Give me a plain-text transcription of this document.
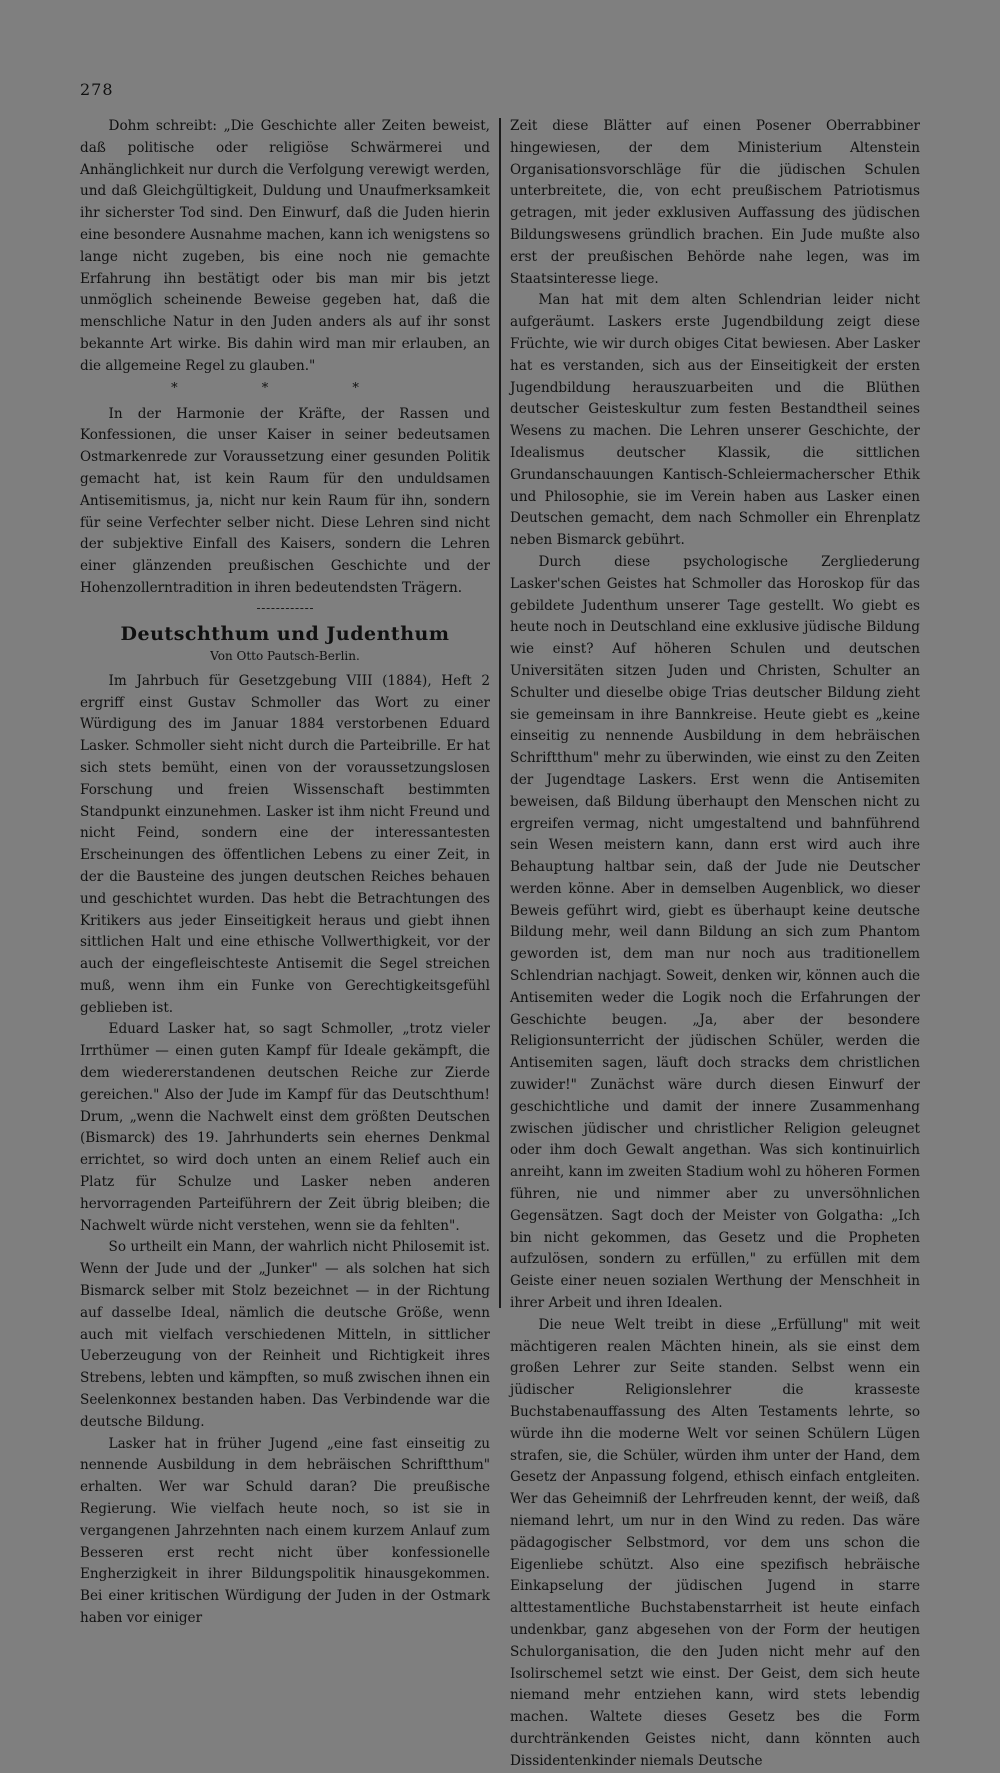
278

Dohm schreibt: „Die Geschichte aller Zeiten beweist, daß politische oder religiöse Schwärmerei und Anhänglichkeit nur durch die Verfolgung verewigt werden, und daß Gleichgültigkeit, Duldung und Unaufmerksamkeit ihr sicherster Tod sind. Den Einwurf, daß die Juden hierin eine besondere Ausnahme machen, kann ich wenigstens so lange nicht zugeben, bis eine noch nie gemachte Erfahrung ihn bestätigt oder bis man mir bis jetzt unmöglich scheinende Beweise gegeben hat, daß die menschliche Natur in den Juden anders als auf ihr sonst bekannte Art wirke. Bis dahin wird man mir erlauben, an die allgemeine Regel zu glauben."

* * *

In der Harmonie der Kräfte, der Rassen und Konfessionen, die unser Kaiser in seiner bedeutsamen Ostmarkenrede zur Voraussetzung einer gesunden Politik gemacht hat, ist kein Raum für den unduldsamen Antisemitismus, ja, nicht nur kein Raum für ihn, sondern für seine Verfechter selber nicht. Diese Lehren sind nicht der subjektive Einfall des Kaisers, sondern die Lehren einer glänzenden preußischen Geschichte und der Hohenzollerntradition in ihren bedeutendsten Trägern.

Deutschthum und Judenthum
Von Otto Pautsch-Berlin.

Im Jahrbuch für Gesetzgebung VIII (1884), Heft 2 ergriff einst Gustav Schmoller das Wort zu einer Würdigung des im Januar 1884 verstorbenen Eduard Lasker. Schmoller sieht nicht durch die Parteibrille. Er hat sich stets bemüht, einen von der voraussetzungslosen Forschung und freien Wissenschaft bestimmten Standpunkt einzunehmen. Lasker ist ihm nicht Freund und nicht Feind, sondern eine der interessantesten Erscheinungen des öffentlichen Lebens zu einer Zeit, in der die Bausteine des jungen deutschen Reiches behauen und geschichtet wurden. Das hebt die Betrachtungen des Kritikers aus jeder Einseitigkeit heraus und giebt ihnen sittlichen Halt und eine ethische Vollwerthigkeit, vor der auch der eingefleischteste Antisemit die Segel streichen muß, wenn ihm ein Funke von Gerechtigkeitsgefühl geblieben ist.

Eduard Lasker hat, so sagt Schmoller, „trotz vieler Irrthümer — einen guten Kampf für Ideale gekämpft, die dem wiedererstandenen deutschen Reiche zur Zierde gereichen." Also der Jude im Kampf für das Deutschthum! Drum, „wenn die Nachwelt einst dem größten Deutschen (Bismarck) des 19. Jahrhunderts sein ehernes Denkmal errichtet, so wird doch unten an einem Relief auch ein Platz für Schulze und Lasker neben anderen hervorragenden Parteiführern der Zeit übrig bleiben; die Nachwelt würde nicht verstehen, wenn sie da fehlten".

So urtheilt ein Mann, der wahrlich nicht Philosemit ist. Wenn der Jude und der „Junker" — als solchen hat sich Bismarck selber mit Stolz bezeichnet — in der Richtung auf dasselbe Ideal, nämlich die deutsche Größe, wenn auch mit vielfach verschiedenen Mitteln, in sittlicher Ueberzeugung von der Reinheit und Richtigkeit ihres Strebens, lebten und kämpften, so muß zwischen ihnen ein Seelenkonnex bestanden haben. Das Verbindende war die deutsche Bildung.

Lasker hat in früher Jugend „eine fast einseitig zu nennende Ausbildung in dem hebräischen Schriftthum" erhalten. Wer war Schuld daran? Die preußische Regierung. Wie vielfach heute noch, so ist sie in vergangenen Jahrzehnten nach einem kurzem Anlauf zum Besseren erst recht nicht über konfessionelle Engherzigkeit in ihrer Bildungspolitik hinausgekommen. Bei einer kritischen Würdigung der Juden in der Ostmark haben vor einiger

Zeit diese Blätter auf einen Posener Oberrabbiner hingewiesen, der dem Ministerium Altenstein Organisationsvorschläge für die jüdischen Schulen unterbreitete, die, von echt preußischem Patriotismus getragen, mit jeder exklusiven Auffassung des jüdischen Bildungswesens gründlich brachen. Ein Jude mußte also erst der preußischen Behörde nahe legen, was im Staatsinteresse liege.

Man hat mit dem alten Schlendrian leider nicht aufgeräumt. Laskers erste Jugendbildung zeigt diese Früchte, wie wir durch obiges Citat bewiesen. Aber Lasker hat es verstanden, sich aus der Einseitigkeit der ersten Jugendbildung herauszuarbeiten und die Blüthen deutscher Geisteskultur zum festen Bestandtheil seines Wesens zu machen. Die Lehren unserer Geschichte, der Idealismus deutscher Klassik, die sittlichen Grundanschauungen Kantisch-Schleiermacherscher Ethik und Philosophie, sie im Verein haben aus Lasker einen Deutschen gemacht, dem nach Schmoller ein Ehrenplatz neben Bismarck gebührt.

Durch diese psychologische Zergliederung Lasker'schen Geistes hat Schmoller das Horoskop für das gebildete Judenthum unserer Tage gestellt. Wo giebt es heute noch in Deutschland eine exklusive jüdische Bildung wie einst? Auf höheren Schulen und deutschen Universitäten sitzen Juden und Christen, Schulter an Schulter und dieselbe obige Trias deutscher Bildung zieht sie gemeinsam in ihre Bannkreise. Heute giebt es „keine einseitig zu nennende Ausbildung in dem hebräischen Schriftthum" mehr zu überwinden, wie einst zu den Zeiten der Jugendtage Laskers. Erst wenn die Antisemiten beweisen, daß Bildung überhaupt den Menschen nicht zu ergreifen vermag, nicht umgestaltend und bahnführend sein Wesen meistern kann, dann erst wird auch ihre Behauptung haltbar sein, daß der Jude nie Deutscher werden könne. Aber in demselben Augenblick, wo dieser Beweis geführt wird, giebt es überhaupt keine deutsche Bildung mehr, weil dann Bildung an sich zum Phantom geworden ist, dem man nur noch aus traditionellem Schlendrian nachjagt. Soweit, denken wir, können auch die Antisemiten weder die Logik noch die Erfahrungen der Geschichte beugen. „Ja, aber der besondere Religionsunterricht der jüdischen Schüler, werden die Antisemiten sagen, läuft doch stracks dem christlichen zuwider!" Zunächst wäre durch diesen Einwurf der geschichtliche und damit der innere Zusammenhang zwischen jüdischer und christlicher Religion geleugnet oder ihm doch Gewalt angethan. Was sich kontinuirlich anreiht, kann im zweiten Stadium wohl zu höheren Formen führen, nie und nimmer aber zu unversöhnlichen Gegensätzen. Sagt doch der Meister von Golgatha: „Ich bin nicht gekommen, das Gesetz und die Propheten aufzulösen, sondern zu erfüllen," zu erfüllen mit dem Geiste einer neuen sozialen Werthung der Menschheit in ihrer Arbeit und ihren Idealen.

Die neue Welt treibt in diese „Erfüllung" mit weit mächtigeren realen Mächten hinein, als sie einst dem großen Lehrer zur Seite standen. Selbst wenn ein jüdischer Religionslehrer die krasseste Buchstabenauffassung des Alten Testaments lehrte, so würde ihn die moderne Welt vor seinen Schülern Lügen strafen, sie, die Schüler, würden ihm unter der Hand, dem Gesetz der Anpassung folgend, ethisch einfach entgleiten. Wer das Geheimniß der Lehrfreuden kennt, der weiß, daß niemand lehrt, um nur in den Wind zu reden. Das wäre pädagogischer Selbstmord, vor dem uns schon die Eigenliebe schützt. Also eine spezifisch hebräische Einkapselung der jüdischen Jugend in starre alttestamentliche Buchstabenstarrheit ist heute einfach undenkbar, ganz abgesehen von der Form der heutigen Schulorganisation, die den Juden nicht mehr auf den Isolirschemel setzt wie einst. Der Geist, dem sich heute niemand mehr entziehen kann, wird stets lebendig machen. Waltete dieses Gesetz bes die Form durchtränkenden Geistes nicht, dann könnten auch Dissidentenkinder niemals Deutsche
